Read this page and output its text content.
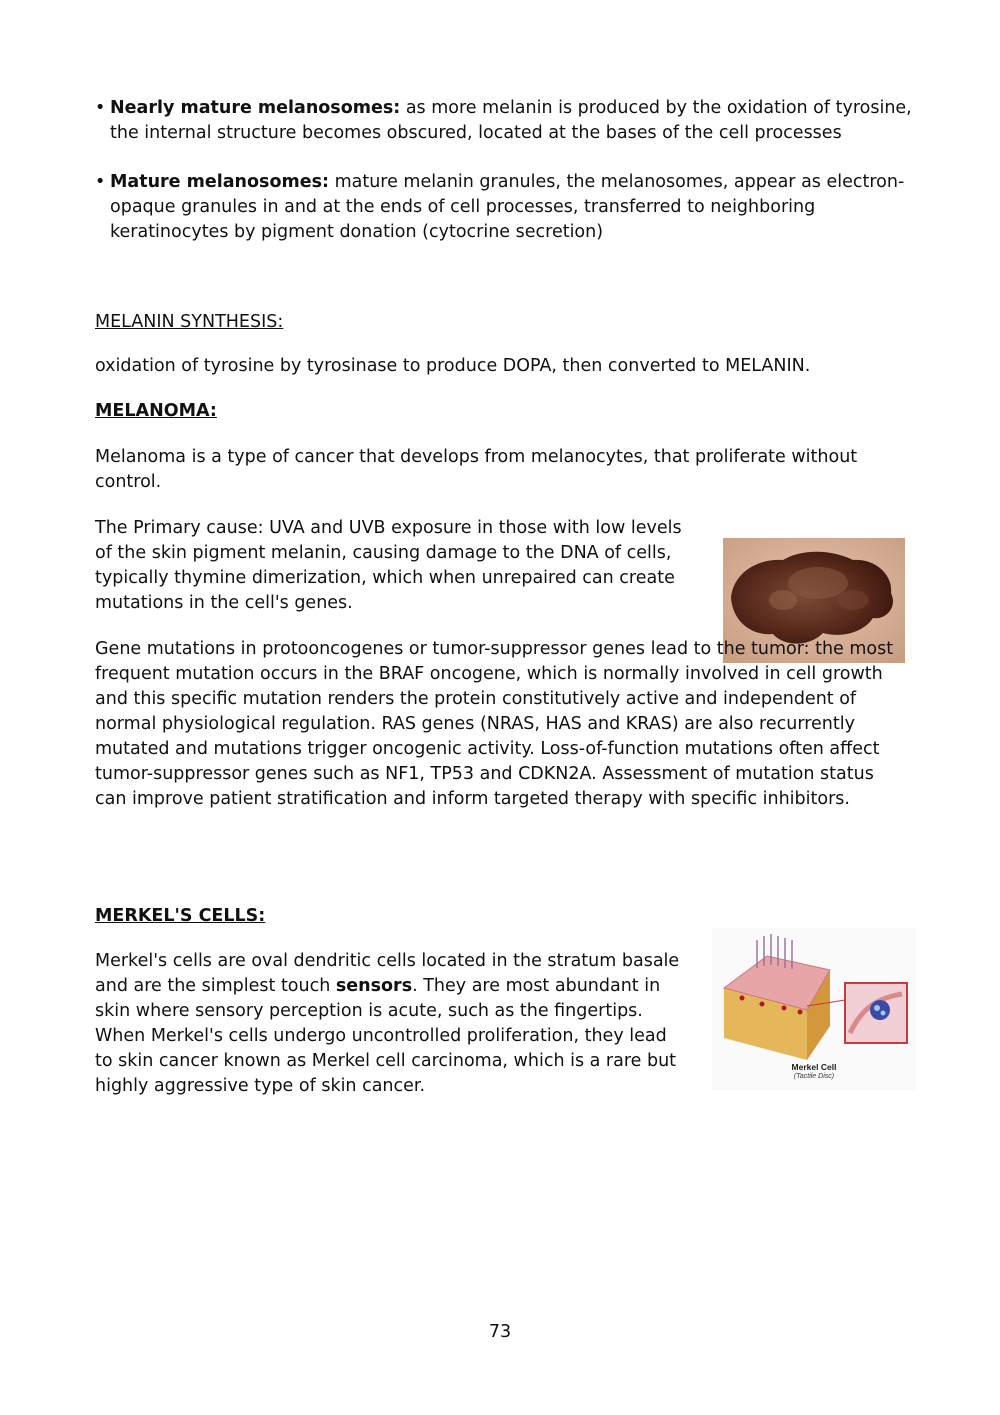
• Nearly mature melanosomes: as more melanin is produced by the oxidation of tyrosine, the internal structure becomes obscured, located at the bases of the cell processes
• Mature melanosomes: mature melanin granules, the melanosomes, appear as electron-opaque granules in and at the ends of cell processes, transferred to neighboring keratinocytes by pigment donation (cytocrine secretion)
MELANIN SYNTHESIS:
oxidation of tyrosine by tyrosinase to produce DOPA, then converted to MELANIN.
MELANOMA:
Melanoma is a type of cancer that develops from melanocytes, that proliferate without control.
The Primary cause: UVA and UVB exposure in those with low levels of the skin pigment melanin, causing damage to the DNA of cells, typically thymine dimerization, which when unrepaired can create mutations in the cell's genes.
Gene mutations in protooncogenes or tumor-suppressor genes lead to the tumor: the most frequent mutation occurs in the BRAF oncogene, which is normally involved in cell growth and this specific mutation renders the protein constitutively active and independent of normal physiological regulation. RAS genes (NRAS, HAS and KRAS) are also recurrently mutated and mutations trigger oncogenic activity. Loss-of-function mutations often affect tumor-suppressor genes such as NF1, TP53 and CDKN2A. Assessment of mutation status can improve patient stratification and inform targeted therapy with specific inhibitors.
MERKEL'S CELLS:
Merkel's cells are oval dendritic cells located in the stratum basale and are the simplest touch sensors. They are most abundant in skin where sensory perception is acute, such as the fingertips. When Merkel's cells undergo uncontrolled proliferation, they lead to skin cancer known as Merkel cell carcinoma, which is a rare but highly aggressive type of skin cancer.
Merkel Cell
(Tactile Disc)
73
